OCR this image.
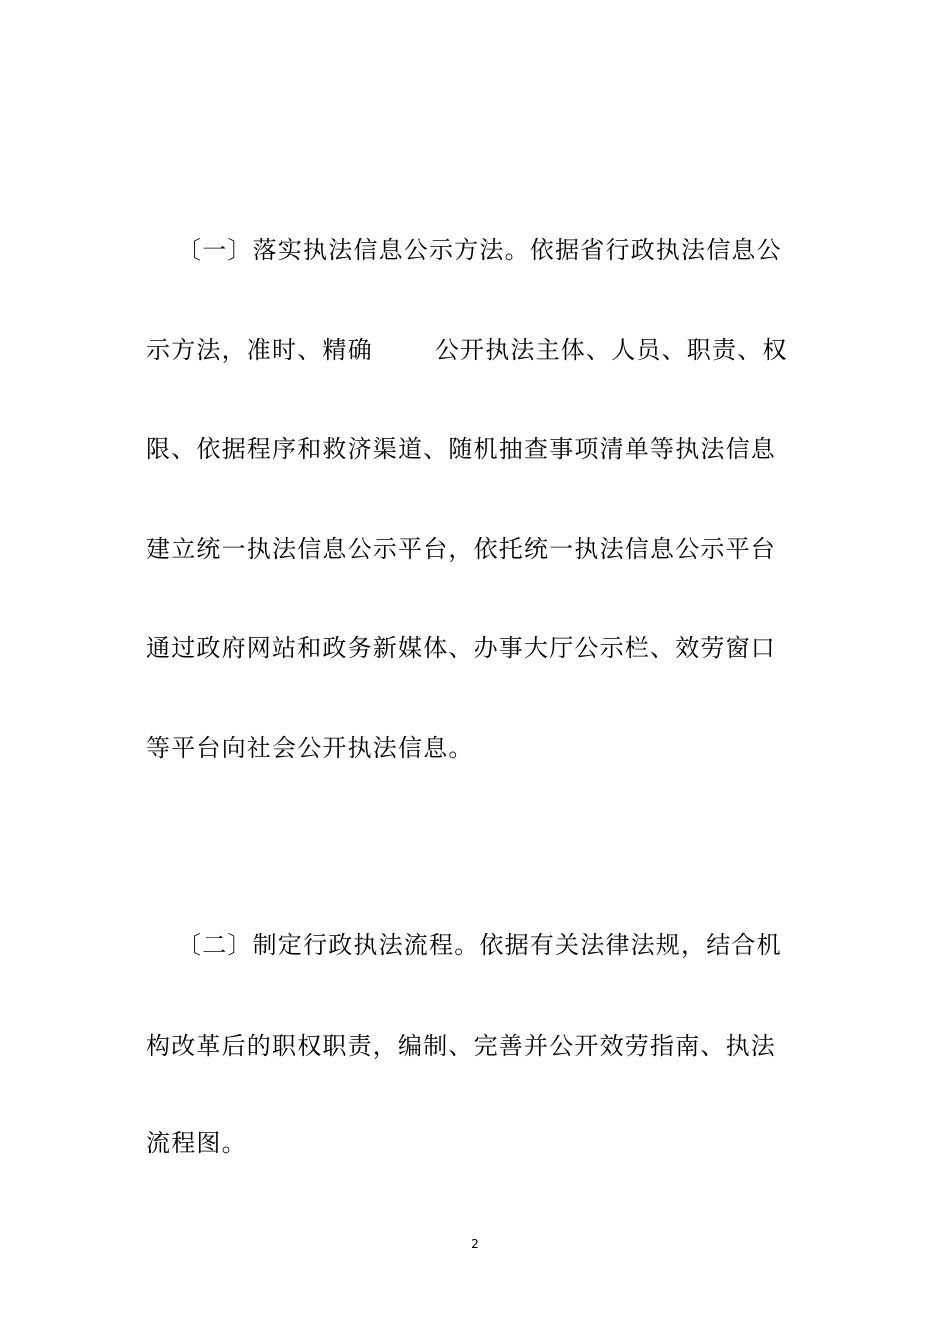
〔一〕落实执法信息公示方法。依据省行政执法信息公
示方法，准时、精确	公开执法主体、人员、职责、权
限、依据程序和救济渠道、随机抽查事项清单等执法信息
建立统一执法信息公示平台，依托统一执法信息公示平台
通过政府网站和政务新媒体、办事大厅公示栏、效劳窗口
等平台向社会公开执法信息。
〔二〕制定行政执法流程。依据有关法律法规，结合机
构改革后的职权职责，编制、完善并公开效劳指南、执法
流程图。
2
